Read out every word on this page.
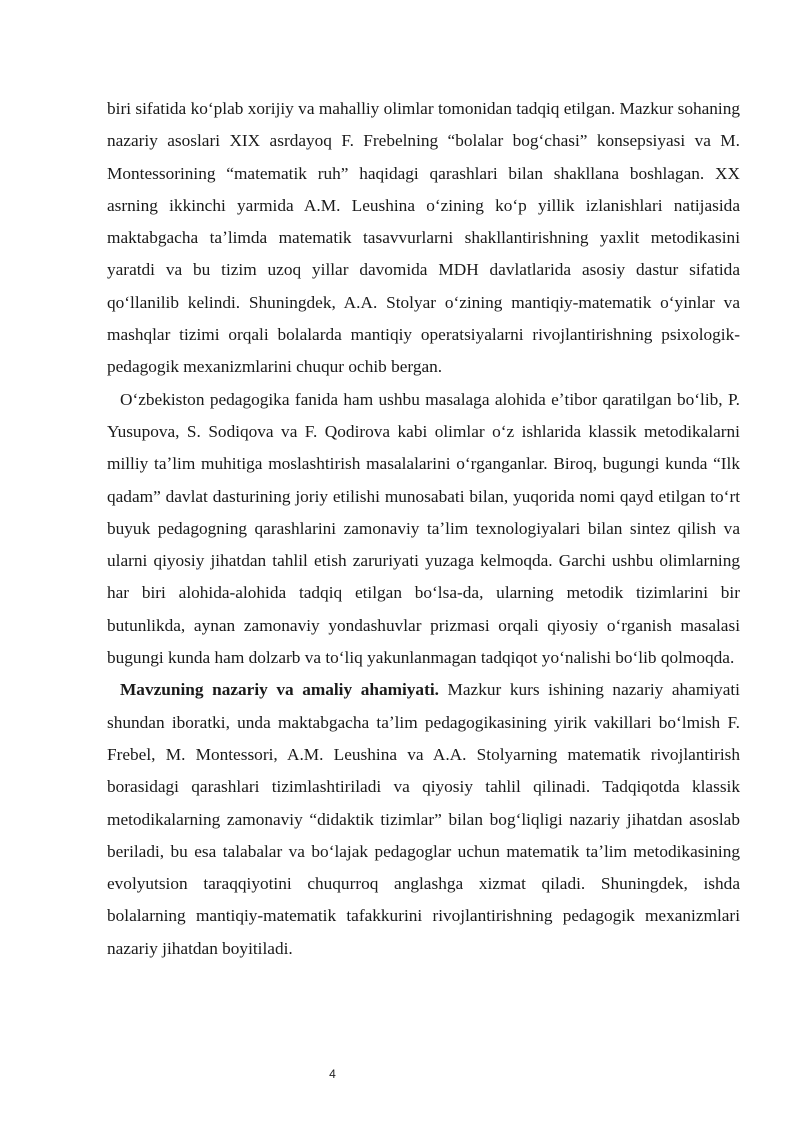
biri sifatida koʻplab xorijiy va mahalliy olimlar tomonidan tadqiq etilgan. Mazkur sohaning nazariy asoslari XIX asrdayoq F. Frebelning “bolalar bogʻchasi” konsepsiyasi va M. Montessorining “matematik ruh” haqidagi qarashlari bilan shakllana boshlagan. XX asrning ikkinchi yarmida A.M. Leushina oʻzining koʻp yillik izlanishlari natijasida maktabgacha taʼlimda matematik tasavvurlarni shakllantirishning yaxlit metodikasini yaratdi va bu tizim uzoq yillar davomida MDH davlatlarida asosiy dastur sifatida qoʻllanilib kelindi. Shuningdek, A.A. Stolyar oʻzining mantiqiy-matematik oʻyinlar va mashqlar tizimi orqali bolalarda mantiqiy operatsiyalarni rivojlantirishning psixologik-pedagogik mexanizmlarini chuqur ochib bergan.

Oʻzbekiston pedagogika fanida ham ushbu masalaga alohida eʼtibor qaratilgan boʻlib, P. Yusupova, S. Sodiqova va F. Qodirova kabi olimlar oʻz ishlarida klassik metodikalarni milliy taʼlim muhitiga moslashtirish masalalarini oʻrganganlar. Biroq, bugungi kunda “Ilk qadam” davlat dasturining joriy etilishi munosabati bilan, yuqorida nomi qayd etilgan toʻrt buyuk pedagogning qarashlarini zamonaviy taʼlim texnologiyalari bilan sintez qilish va ularni qiyosiy jihatdan tahlil etish zaruriyati yuzaga kelmoqda. Garchi ushbu olimlarning har biri alohida-alohida tadqiq etilgan boʻlsa-da, ularning metodik tizimlarini bir butunlikda, aynan zamonaviy yondashuvlar prizmasi orqali qiyosiy oʻrganish masalasi bugungi kunda ham dolzarb va toʻliq yakunlanmagan tadqiqot yoʻnalishi boʻlib qolmoqda.

Mavzuning nazariy va amaliy ahamiyati. Mazkur kurs ishining nazariy ahamiyati shundan iboratki, unda maktabgacha taʼlim pedagogikasining yirik vakillari boʻlmish F. Frebel, M. Montessori, A.M. Leushina va A.A. Stolyarning matematik rivojlantirish borasidagi qarashlari tizimlashtiriladi va qiyosiy tahlil qilinadi. Tadqiqotda klassik metodikalarning zamonaviy “didaktik tizimlar” bilan bogʻliqligi nazariy jihatdan asoslab beriladi, bu esa talabalar va boʻlajak pedagoglar uchun matematik taʼlim metodikasining evolyutsion taraqqiyotini chuqurroq anglashga xizmat qiladi. Shuningdek, ishda bolalarning mantiqiy-matematik tafakkurini rivojlantirishning pedagogik mexanizmlari nazariy jihatdan boyitiladi.

4
